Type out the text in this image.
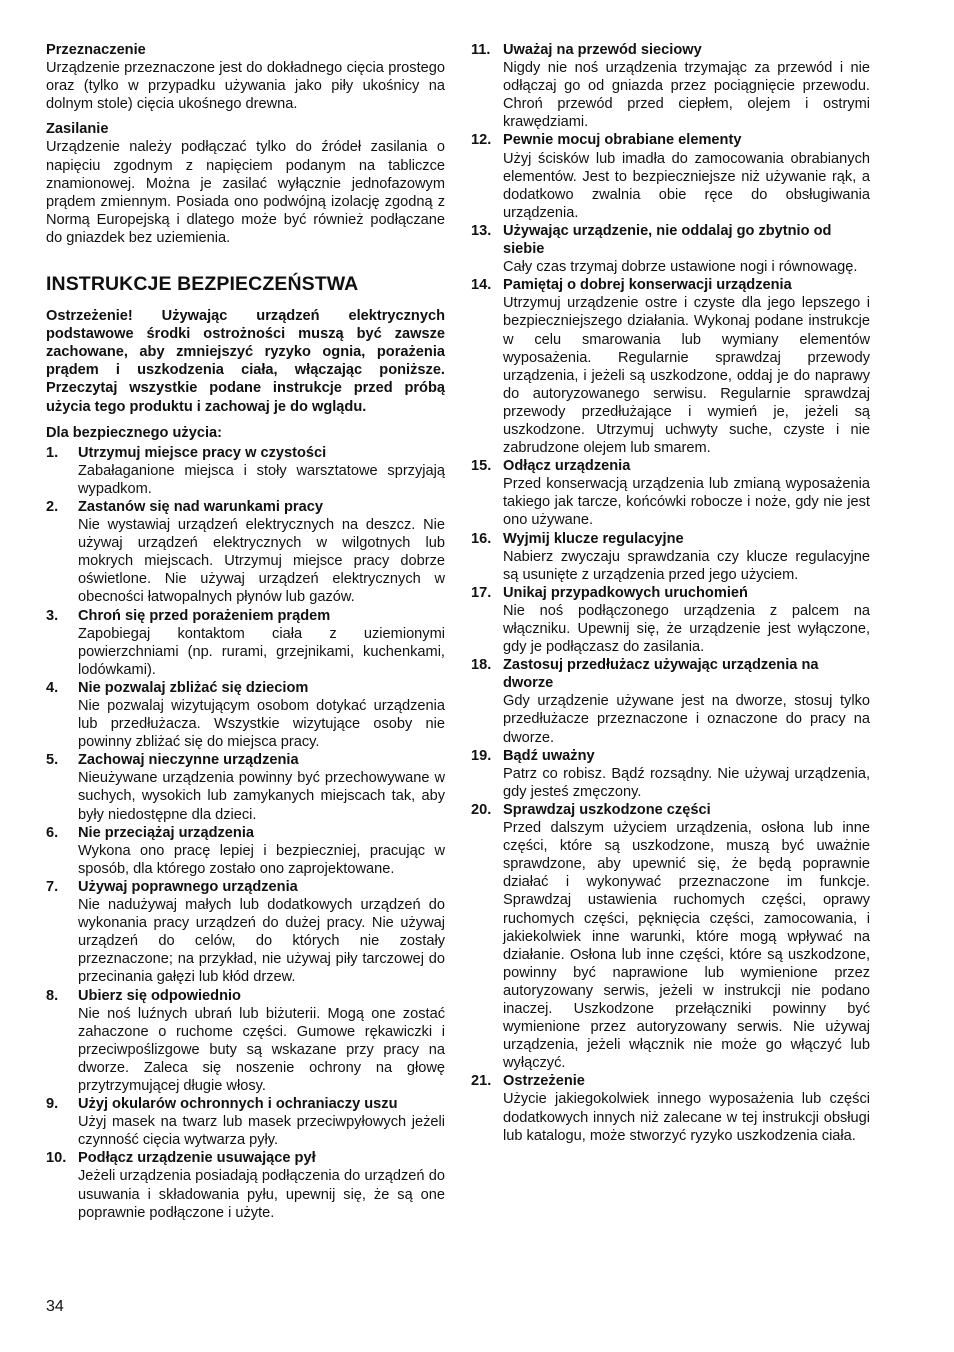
Przeznaczenie

Urządzenie przeznaczone jest do dokładnego cięcia prostego oraz (tylko w przypadku używania jako piły ukośnicy na dolnym stole) cięcia ukośnego drewna.

Zasilanie

Urządzenie należy podłączać tylko do źródeł zasilania o napięciu zgodnym z napięciem podanym na tabliczce znamionowej. Można je zasilać wyłącznie jednofazowym prądem zmiennym. Posiada ono podwójną izolację zgodną z Normą Europejską i dlatego może być również podłączane do gniazdek bez uziemienia.

INSTRUKCJE BEZPIECZEŃSTWA

Ostrzeżenie! Używając urządzeń elektrycznych podstawowe środki ostrożności muszą być zawsze zachowane, aby zmniejszyć ryzyko ognia, porażenia prądem i uszkodzenia ciała, włączając poniższe. Przeczytaj wszystkie podane instrukcje przed próbą użycia tego produktu i zachowaj je do wglądu.

Dla bezpiecznego użycia:

1. Utrzymuj miejsce pracy w czystości
Zabałaganione miejsca i stoły warsztatowe sprzyjają wypadkom.
2. Zastanów się nad warunkami pracy
Nie wystawiaj urządzeń elektrycznych na deszcz. Nie używaj urządzeń elektrycznych w wilgotnych lub mokrych miejscach. Utrzymuj miejsce pracy dobrze oświetlone. Nie używaj urządzeń elektrycznych w obecności łatwopalnych płynów lub gazów.
3. Chroń się przed porażeniem prądem
Zapobiegaj kontaktom ciała z uziemionymi powierzchniami (np. rurami, grzejnikami, kuchenkami, lodówkami).
4. Nie pozwalaj zbliżać się dzieciom
Nie pozwalaj wizytującym osobom dotykać urządzenia lub przedłużacza. Wszystkie wizytujące osoby nie powinny zbliżać się do miejsca pracy.
5. Zachowaj nieczynne urządzenia
Nieużywane urządzenia powinny być przechowywane w suchych, wysokich lub zamykanych miejscach tak, aby były niedostępne dla dzieci.
6. Nie przeciążaj urządzenia
Wykona ono pracę lepiej i bezpieczniej, pracując w sposób, dla którego zostało ono zaprojektowane.
7. Używaj poprawnego urządzenia
Nie nadużywaj małych lub dodatkowych urządzeń do wykonania pracy urządzeń do dużej pracy. Nie używaj urządzeń do celów, do których nie zostały przeznaczone; na przykład, nie używaj piły tarczowej do przecinania gałęzi lub kłód drzew.
8. Ubierz się odpowiednio
Nie noś luźnych ubrań lub biżuterii. Mogą one zostać zahaczone o ruchome części. Gumowe rękawiczki i przeciwpoślizgowe buty są wskazane przy pracy na dworze. Zaleca się noszenie ochrony na głowę przytrzymującej długie włosy.
9. Użyj okularów ochronnych i ochraniaczy uszu
Użyj masek na twarz lub masek przeciwpyłowych jeżeli czynność cięcia wytwarza pyły.
10. Podłącz urządzenie usuwające pył
Jeżeli urządzenia posiadają podłączenia do urządzeń do usuwania i składowania pyłu, upewnij się, że są one poprawnie podłączone i użyte.
11. Uważaj na przewód sieciowy
Nigdy nie noś urządzenia trzymając za przewód i nie odłączaj go od gniazda przez pociągnięcie przewodu. Chroń przewód przed ciepłem, olejem i ostrymi krawędziami.
12. Pewnie mocuj obrabiane elementy
Użyj ścisków lub imadła do zamocowania obrabianych elementów. Jest to bezpieczniejsze niż używanie rąk, a dodatkowo zwalnia obie ręce do obsługiwania urządzenia.
13. Używając urządzenie, nie oddalaj go zbytnio od siebie
Cały czas trzymaj dobrze ustawione nogi i równowagę.
14. Pamiętaj o dobrej konserwacji urządzenia
Utrzymuj urządzenie ostre i czyste dla jego lepszego i bezpieczniejszego działania. Wykonaj podane instrukcje w celu smarowania lub wymiany elementów wyposażenia. Regularnie sprawdzaj przewody urządzenia, i jeżeli są uszkodzone, oddaj je do naprawy do autoryzowanego serwisu. Regularnie sprawdzaj przewody przedłużające i wymień je, jeżeli są uszkodzone. Utrzymuj uchwyty suche, czyste i nie zabrudzone olejem lub smarem.
15. Odłącz urządzenia
Przed konserwacją urządzenia lub zmianą wyposażenia takiego jak tarcze, końcówki robocze i noże, gdy nie jest ono używane.
16. Wyjmij klucze regulacyjne
Nabierz zwyczaju sprawdzania czy klucze regulacyjne są usunięte z urządzenia przed jego użyciem.
17. Unikaj przypadkowych uruchomień
Nie noś podłączonego urządzenia z palcem na włączniku. Upewnij się, że urządzenie jest wyłączone, gdy je podłączasz do zasilania.
18. Zastosuj przedłużacz używając urządzenia na dworze
Gdy urządzenie używane jest na dworze, stosuj tylko przedłużacze przeznaczone i oznaczone do pracy na dworze.
19. Bądź uważny
Patrz co robisz. Bądź rozsądny. Nie używaj urządzenia, gdy jesteś zmęczony.
20. Sprawdzaj uszkodzone części
Przed dalszym użyciem urządzenia, osłona lub inne części, które są uszkodzone, muszą być uważnie sprawdzone, aby upewnić się, że będą poprawnie działać i wykonywać przeznaczone im funkcje. Sprawdzaj ustawienia ruchomych części, oprawy ruchomych części, pęknięcia części, zamocowania, i jakiekolwiek inne warunki, które mogą wpływać na działanie. Osłona lub inne części, które są uszkodzone, powinny być naprawione lub wymienione przez autoryzowany serwis, jeżeli w instrukcji nie podano inaczej. Uszkodzone przełączniki powinny być wymienione przez autoryzowany serwis. Nie używaj urządzenia, jeżeli włącznik nie może go włączyć lub wyłączyć.
21. Ostrzeżenie
Użycie jakiegokolwiek innego wyposażenia lub części dodatkowych innych niż zalecane w tej instrukcji obsługi lub katalogu, może stworzyć ryzyko uszkodzenia ciała.
34
